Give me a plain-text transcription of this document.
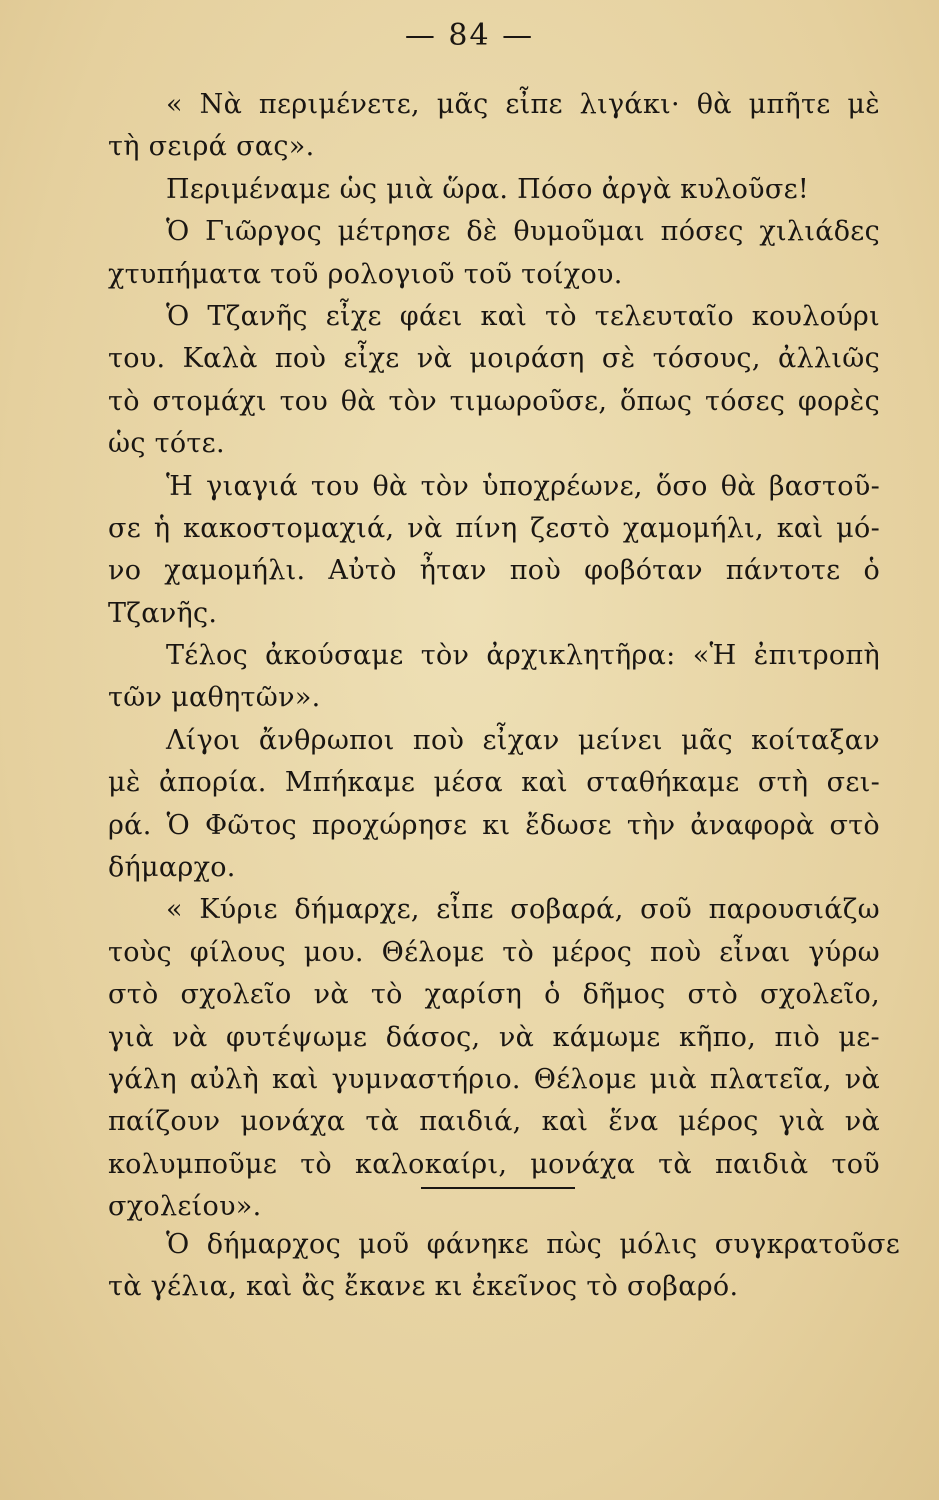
— 84 —
« Νὰ περιμένετε, μᾶς εἶπε λιγάκι· θὰ μπῆτε μὲ
τὴ σειρά σας».
Περιμέναμε ὡς μιὰ ὥρα. Πόσο ἀργὰ κυλοῦσε!
Ὁ Γιῶργος μέτρησε δὲ θυμοῦμαι πόσες χιλιάδες
χτυπήματα τοῦ ρολογιοῦ τοῦ τοίχου.
Ὁ Τζανῆς εἶχε φάει καὶ τὸ τελευταῖο κουλούρι
του. Καλὰ ποὺ εἶχε νὰ μοιράση σὲ τόσους, ἀλλιῶς
τὸ στομάχι του θὰ τὸν τιμωροῦσε, ὅπως τόσες φορὲς
ὡς τότε.
Ἡ γιαγιά του θὰ τὸν ὑποχρέωνε, ὅσο θὰ βαστοῦ-
σε ἡ κακοστομαχιά, νὰ πίνη ζεστὸ χαμομήλι, καὶ μό-
νο χαμομήλι. Αὐτὸ ἦταν ποὺ φοβόταν πάντοτε ὁ
Τζανῆς.
Τέλος ἀκούσαμε τὸν ἀρχικλητῆρα: «Ἡ ἐπιτροπὴ
τῶν μαθητῶν».
Λίγοι ἄνθρωποι ποὺ εἶχαν μείνει μᾶς κοίταξαν
μὲ ἀπορία. Μπήκαμε μέσα καὶ σταθήκαμε στὴ σει-
ρά. Ὁ Φῶτος προχώρησε κι ἔδωσε τὴν ἀναφορὰ στὸ
δήμαρχο.
« Κύριε δήμαρχε, εἶπε σοβαρά, σοῦ παρουσιάζω
τοὺς φίλους μου. Θέλομε τὸ μέρος ποὺ εἶναι γύρω
στὸ σχολεῖο νὰ τὸ χαρίση ὁ δῆμος στὸ σχολεῖο,
γιὰ νὰ φυτέψωμε δάσος, νὰ κάμωμε κῆπο, πιὸ με-
γάλη αὐλὴ καὶ γυμναστήριο. Θέλομε μιὰ πλατεῖα, νὰ
παίζουν μονάχα τὰ παιδιά, καὶ ἕνα μέρος γιὰ νὰ
κολυμποῦμε τὸ καλοκαίρι, μονάχα τὰ παιδιὰ τοῦ
σχολείου».
Ὁ δήμαρχος μοῦ φάνηκε πὼς μόλις συγκρατοῦσε
τὰ γέλια, καὶ ἂς ἔκανε κι ἐκεῖνος τὸ σοβαρό.
